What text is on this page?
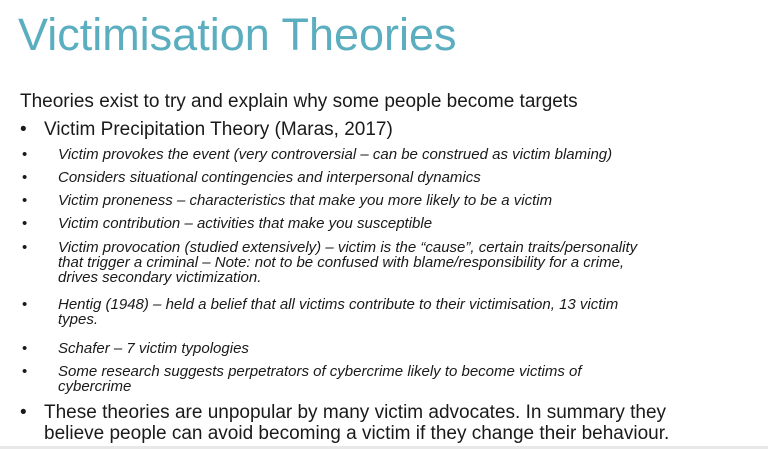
Victimisation Theories
Theories exist to try and explain why some people become targets
• Victim Precipitation Theory (Maras, 2017)
•	Victim provokes the event (very controversial – can be construed as victim blaming)
•	Considers situational contingencies and interpersonal dynamics
•	Victim proneness – characteristics that make you more likely to be a victim
•	Victim contribution – activities that make you susceptible
•	Victim provocation (studied extensively) – victim is the “cause”, certain traits/personality
that trigger a criminal – Note: not to be confused with blame/responsibility for a crime,
drives secondary victimization.
•	Hentig (1948) – held a belief that all victims contribute to their victimisation, 13 victim
types.
•	Schafer – 7 victim typologies
•	Some research suggests perpetrators of cybercrime likely to become victims of
cybercrime
• These theories are unpopular by many victim advocates. In summary they
believe people can avoid becoming a victim if they change their behaviour.
